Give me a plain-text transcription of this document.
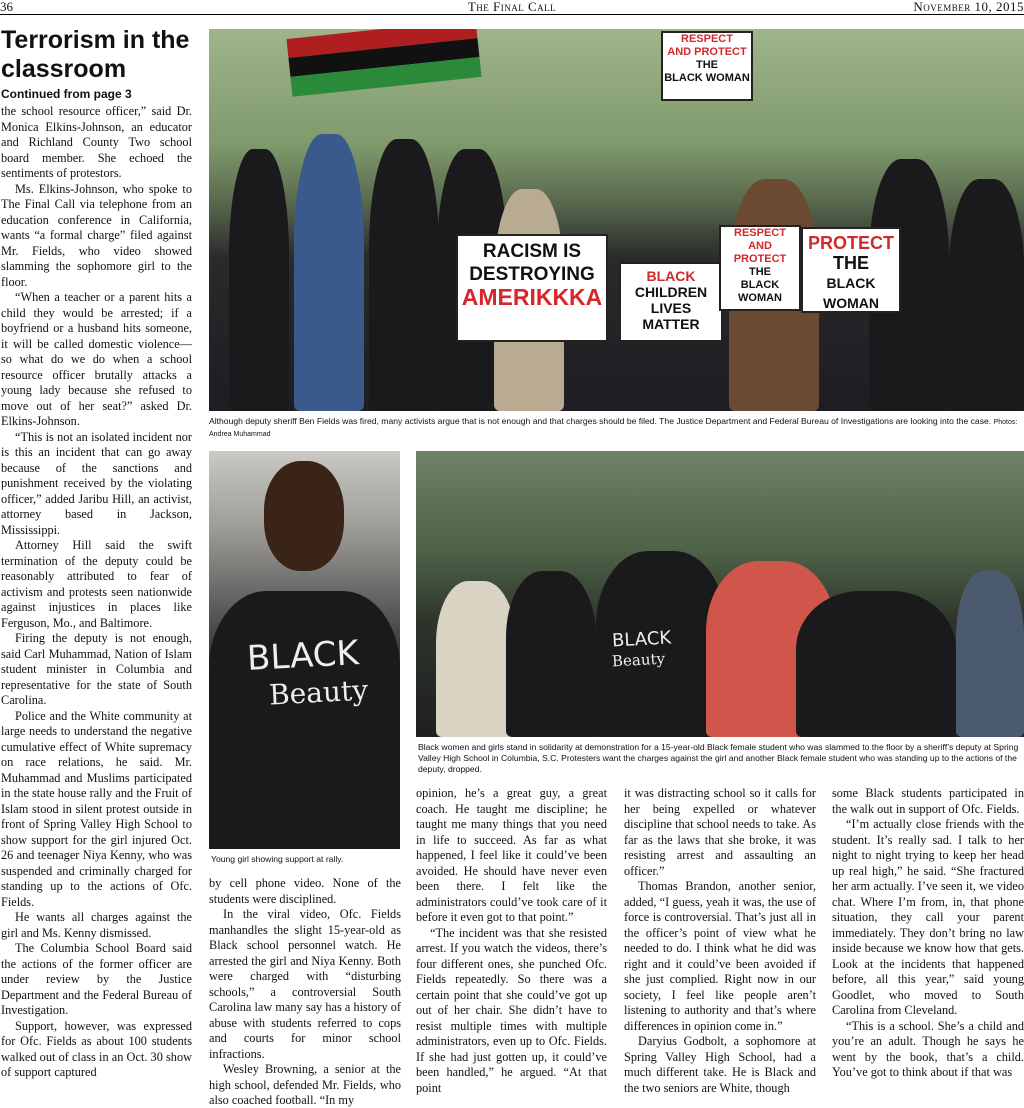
36	The Final Call	November 10, 2015
Terrorism in the classroom
Continued from page 3
RESPECT
AND PROTECT
THE
BLACK WOMAN
RACISM IS
DESTROYING
AMERIKKKA
BLACK
CHILDREN
LIVES MATTER
RESPECT
AND PROTECT
THE
BLACK WOMAN
PROTECT
THE
BLACK WOMAN
Although deputy sheriff Ben Fields was fired, many activists argue that is not enough and that charges should be filed. The Justice Department and Federal Bureau of Investigations are looking into the case. Photos: Andrea Muhammad
BLACK
Beauty
Young girl showing support at rally.
BLACK
Beauty
Black women and girls stand in solidarity at demonstration for a 15-year-old Black female student who was slammed to the floor by a sheriff’s deputy at Spring Valley High School in Columbia, S.C. Protesters want the charges against the girl and another Black female student who was standing up to the actions of the deputy, dropped.

the school resource officer,” said Dr. Monica Elkins-Johnson, an educator and Richland County Two school board member. She echoed the sentiments of protestors.

Ms. Elkins-Johnson, who spoke to The Final Call via telephone from an education conference in California, wants “a formal charge” filed against Mr. Fields, who video showed slamming the sophomore girl to the floor.

“When a teacher or a parent hits a child they would be arrested; if a boyfriend or a husband hits someone, it will be called domestic violence—so what do we do when a school resource officer brutally attacks a young lady because she refused to move out of her seat?” asked Dr. Elkins-Johnson.

“This is not an isolated incident nor is this an incident that can go away because of the sanctions and punishment received by the violating officer,” added Jaribu Hill, an activist, attorney based in Jackson, Mississippi.

Attorney Hill said the swift termination of the deputy could be reasonably attributed to fear of activism and protests seen nationwide against injustices in places like Ferguson, Mo., and Baltimore.

Firing the deputy is not enough, said Carl Muhammad, Nation of Islam student minister in Columbia and representative for the state of South Carolina.

Police and the White community at large needs to understand the negative cumulative effect of White supremacy on race relations, he said. Mr. Muhammad and Muslims participated in the state house rally and the Fruit of Islam stood in silent protest outside in front of Spring Valley High School to show support for the girl injured Oct. 26 and teenager Niya Kenny, who was suspended and criminally charged for standing up to the actions of Ofc. Fields.

He wants all charges against the girl and Ms. Kenny dismissed.

The Columbia School Board said the actions of the former officer are under review by the Justice Department and the Federal Bureau of Investigation.

Support, however, was expressed for Ofc. Fields as about 100 students walked out of class in an Oct. 30 show of support captured

by cell phone video. None of the students were disciplined.

In the viral video, Ofc. Fields manhandles the slight 15-year-old as Black school personnel watch. He arrested the girl and Niya Kenny. Both were charged with “disturbing schools,” a controversial South Carolina law many say has a history of abuse with students referred to cops and courts for minor school infractions.

Wesley Browning, a senior at the high school, defended Mr. Fields, who also coached football. “In my

opinion, he’s a great guy, a great coach. He taught me discipline; he taught me many things that you need in life to succeed. As far as what happened, I feel like it could’ve been avoided. He should have never even been there. I felt like the administrators could’ve took care of it before it even got to that point.”

“The incident was that she resisted arrest. If you watch the videos, there’s four different ones, she punched Ofc. Fields repeatedly. So there was a certain point that she could’ve got up out of her chair. She didn’t have to resist multiple times with multiple administrators, even up to Ofc. Fields. If she had just gotten up, it could’ve been handled,” he argued. “At that point

it was distracting school so it calls for her being expelled or whatever discipline that school needs to take. As far as the laws that she broke, it was resisting arrest and assaulting an officer.”

Thomas Brandon, another senior, added, “I guess, yeah it was, the use of force is controversial. That’s just all in the officer’s point of view what he needed to do. I think what he did was right and it could’ve been avoided if she just complied. Right now in our society, I feel like people aren’t listening to authority and that’s where differences in opinion come in.”

Daryius Godbolt, a sophomore at Spring Valley High School, had a much different take. He is Black and the two seniors are White, though

some Black students participated in the walk out in support of Ofc. Fields.

“I’m actually close friends with the student. It’s really sad. I talk to her night to night trying to keep her head up real high,” he said. “She fractured her arm actually. I’ve seen it, we video chat. Where I’m from, in, that phone situation, they call your parent immediately. They don’t bring no law inside because we know how that gets. Look at the incidents that happened before, all this year,” said young Goodlet, who moved to South Carolina from Cleveland.

“This is a school. She’s a child and you’re an adult. Though he says he went by the book, that’s a child. You’ve got to think about if that was
